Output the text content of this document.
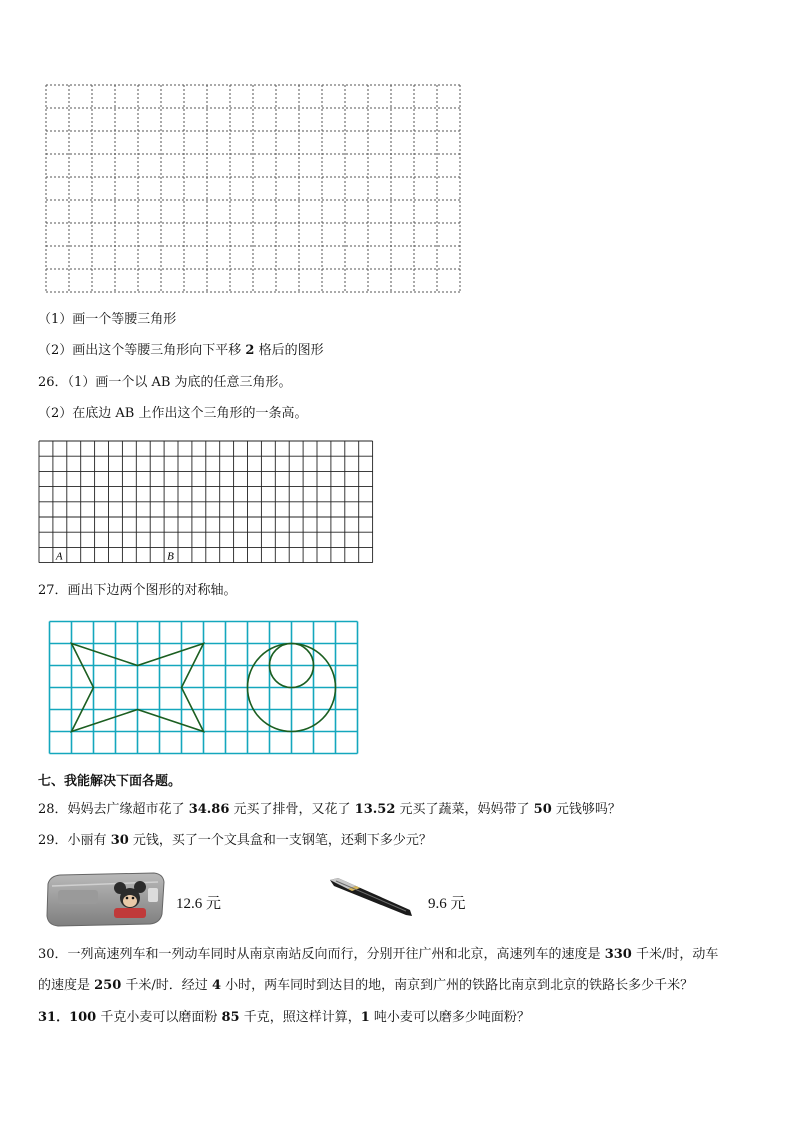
（1）画一个等腰三角形
（2）画出这个等腰三角形向下平移 2 格后的图形
26．（1）画一个以 AB 为底的任意三角形。
（2）在底边 AB 上作出这个三角形的一条高。
A	B
27．画出下边两个图形的对称轴。
七、我能解决下面各题。
28．妈妈去广缘超市花了 34.86 元买了排骨，又花了 13.52 元买了蔬菜，妈妈带了 50 元钱够吗？
29．小丽有 30 元钱，买了一个文具盒和一支钢笔，还剩下多少元？
12.6 元	9.6 元
30．一列高速列车和一列动车同时从南京南站反向而行，分别开往广州和北京，高速列车的速度是 330 千米/时，动车
的速度是 250 千米/时．经过 4 小时，两车同时到达目的地，南京到广州的铁路比南京到北京的铁路长多少千米？
31．100 千克小麦可以磨面粉 85 千克，照这样计算，1 吨小麦可以磨多少吨面粉？
